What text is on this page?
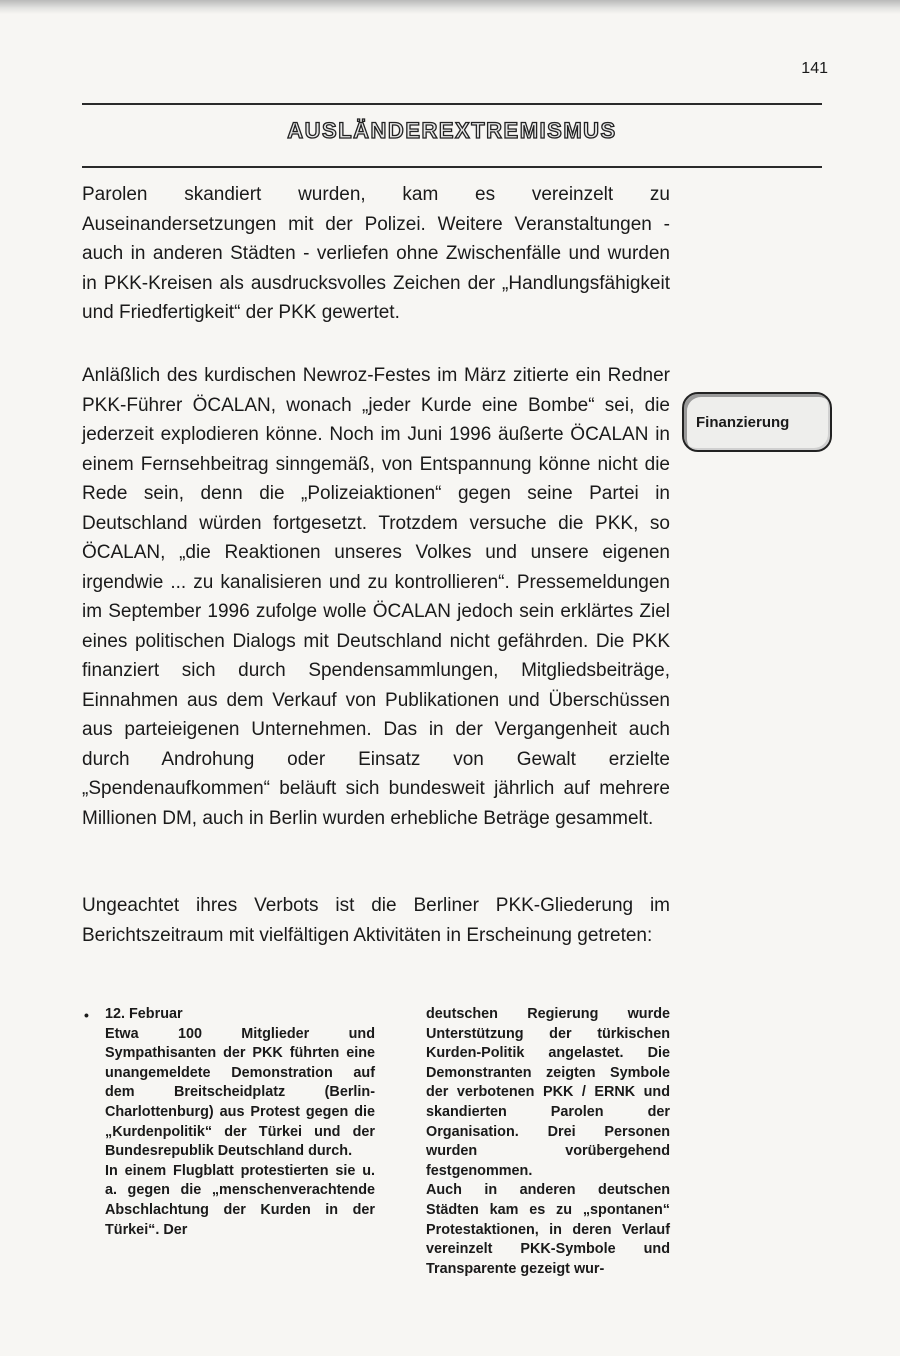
141
AUSLÄNDEREXTREMISMUS

Parolen skandiert wurden, kam es vereinzelt zu Auseinandersetzungen mit der Polizei. Weitere Veranstaltungen - auch in anderen Städten - verliefen ohne Zwischenfälle und wurden in PKK-Kreisen als ausdrucksvolles Zeichen der „Handlungsfähigkeit und Friedfertigkeit“ der PKK gewertet.

Anläßlich des kurdischen Newroz-Festes im März zitierte ein Redner PKK-Führer ÖCALAN, wonach „jeder Kurde eine Bombe“ sei, die jederzeit explodieren könne. Noch im Juni 1996 äußerte ÖCALAN in einem Fernsehbeitrag sinngemäß, von Entspannung könne nicht die Rede sein, denn die „Polizeiaktionen“ gegen seine Partei in Deutschland würden fortgesetzt. Trotzdem versuche die PKK, so ÖCALAN, „die Reaktionen unseres Volkes und unsere eigenen irgendwie ... zu kanalisieren und zu kontrollieren“. Pressemeldungen im September 1996 zufolge wolle ÖCALAN jedoch sein erklärtes Ziel eines politischen Dialogs mit Deutschland nicht gefährden. Die PKK finanziert sich durch Spendensammlungen, Mitgliedsbeiträge, Einnahmen aus dem Verkauf von Publikationen und Überschüssen aus parteieigenen Unternehmen. Das in der Vergangenheit auch durch Androhung oder Einsatz von Gewalt erzielte „Spendenaufkommen“ beläuft sich bundesweit jährlich auf mehrere Millionen DM, auch in Berlin wurden erhebliche Beträge gesammelt.

Ungeachtet ihres Verbots ist die Berliner PKK-Gliederung im Berichtszeitraum mit vielfältigen Aktivitäten in Erscheinung getreten:

Finanzierung
• 12. Februar
Etwa 100 Mitglieder und Sympathisanten der PKK führten eine unangemeldete Demonstration auf dem Breitscheidplatz (Berlin-Charlottenburg) aus Protest gegen die „Kurdenpolitik“ der Türkei und der Bundesrepublik Deutschland durch.
In einem Flugblatt protestierten sie u. a. gegen die „menschenverachtende Abschlachtung der Kurden in der Türkei“. Der
deutschen Regierung wurde Unterstützung der türkischen Kurden-Politik angelastet. Die Demonstranten zeigten Symbole der verbotenen PKK / ERNK und skandierten Parolen der Organisation. Drei Personen wurden vorübergehend festgenommen.
Auch in anderen deutschen Städten kam es zu „spontanen“ Protestaktionen, in deren Verlauf vereinzelt PKK-Symbole und Transparente gezeigt wur-
